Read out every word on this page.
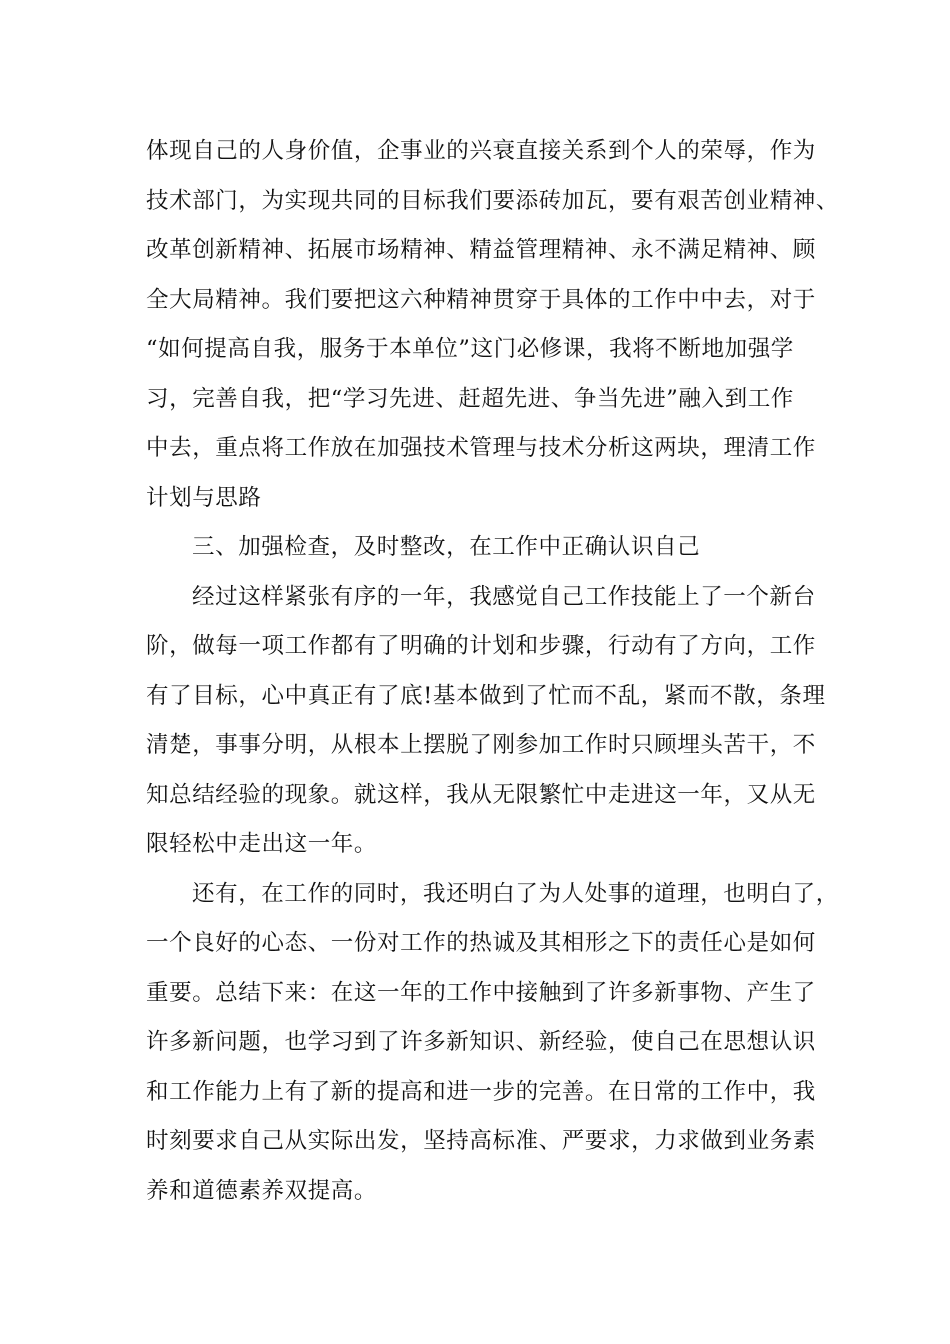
体现自己的人身价值，企事业的兴衰直接关系到个人的荣辱，作为
技术部门，为实现共同的目标我们要添砖加瓦，要有艰苦创业精神、
改革创新精神、拓展市场精神、精益管理精神、永不满足精神、顾
全大局精神。我们要把这六种精神贯穿于具体的工作中中去，对于
“如何提高自我，服务于本单位”这门必修课，我将不断地加强学
习，完善自我，把“学习先进、赶超先进、争当先进”融入到工作
中去，重点将工作放在加强技术管理与技术分析这两块，理清工作
计划与思路
三、加强检查，及时整改，在工作中正确认识自己
经过这样紧张有序的一年，我感觉自己工作技能上了一个新台
阶，做每一项工作都有了明确的计划和步骤，行动有了方向，工作
有了目标，心中真正有了底!基本做到了忙而不乱，紧而不散，条理
清楚，事事分明，从根本上摆脱了刚参加工作时只顾埋头苦干，不
知总结经验的现象。就这样，我从无限繁忙中走进这一年，又从无
限轻松中走出这一年。
还有，在工作的同时，我还明白了为人处事的道理，也明白了，
一个良好的心态、一份对工作的热诚及其相形之下的责任心是如何
重要。总结下来：在这一年的工作中接触到了许多新事物、产生了
许多新问题，也学习到了许多新知识、新经验，使自己在思想认识
和工作能力上有了新的提高和进一步的完善。在日常的工作中，我
时刻要求自己从实际出发，坚持高标准、严要求，力求做到业务素
养和道德素养双提高。
